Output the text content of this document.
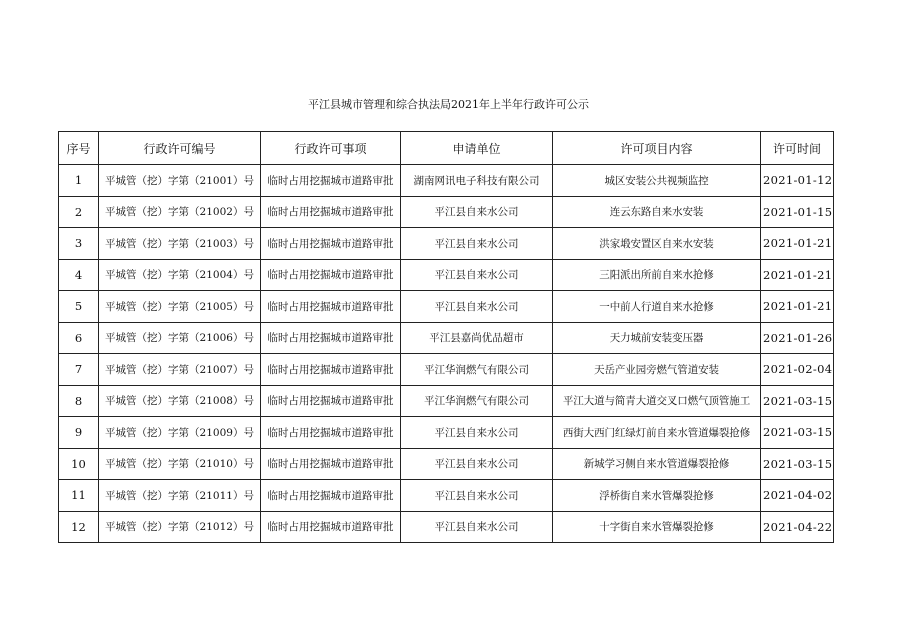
平江县城市管理和综合执法局2021年上半年行政许可公示
序号	行政许可编号	行政许可事项	申请单位	许可项目内容	许可时间
1	平城管（挖）字第（21001）号	临时占用挖掘城市道路审批	湖南网讯电子科技有限公司	城区安装公共视频监控	2021-01-12
2	平城管（挖）字第（21002）号	临时占用挖掘城市道路审批	平江县自来水公司	连云东路自来水安装	2021-01-15
3	平城管（挖）字第（21003）号	临时占用挖掘城市道路审批	平江县自来水公司	洪家塅安置区自来水安装	2021-01-21
4	平城管（挖）字第（21004）号	临时占用挖掘城市道路审批	平江县自来水公司	三阳派出所前自来水抢修	2021-01-21
5	平城管（挖）字第（21005）号	临时占用挖掘城市道路审批	平江县自来水公司	一中前人行道自来水抢修	2021-01-21
6	平城管（挖）字第（21006）号	临时占用挖掘城市道路审批	平江县嘉尚优品超市	天力城前安装变压器	2021-01-26
7	平城管（挖）字第（21007）号	临时占用挖掘城市道路审批	平江华润燃气有限公司	天岳产业园旁燃气管道安装	2021-02-04
8	平城管（挖）字第（21008）号	临时占用挖掘城市道路审批	平江华润燃气有限公司	平江大道与简青大道交叉口燃气顶管施工	2021-03-15
9	平城管（挖）字第（21009）号	临时占用挖掘城市道路审批	平江县自来水公司	西街大西门红绿灯前自来水管道爆裂抢修	2021-03-15
10	平城管（挖）字第（21010）号	临时占用挖掘城市道路审批	平江县自来水公司	新城学习侧自来水管道爆裂抢修	2021-03-15
11	平城管（挖）字第（21011）号	临时占用挖掘城市道路审批	平江县自来水公司	浮桥街自来水管爆裂抢修	2021-04-02
12	平城管（挖）字第（21012）号	临时占用挖掘城市道路审批	平江县自来水公司	十字街自来水管爆裂抢修	2021-04-22
